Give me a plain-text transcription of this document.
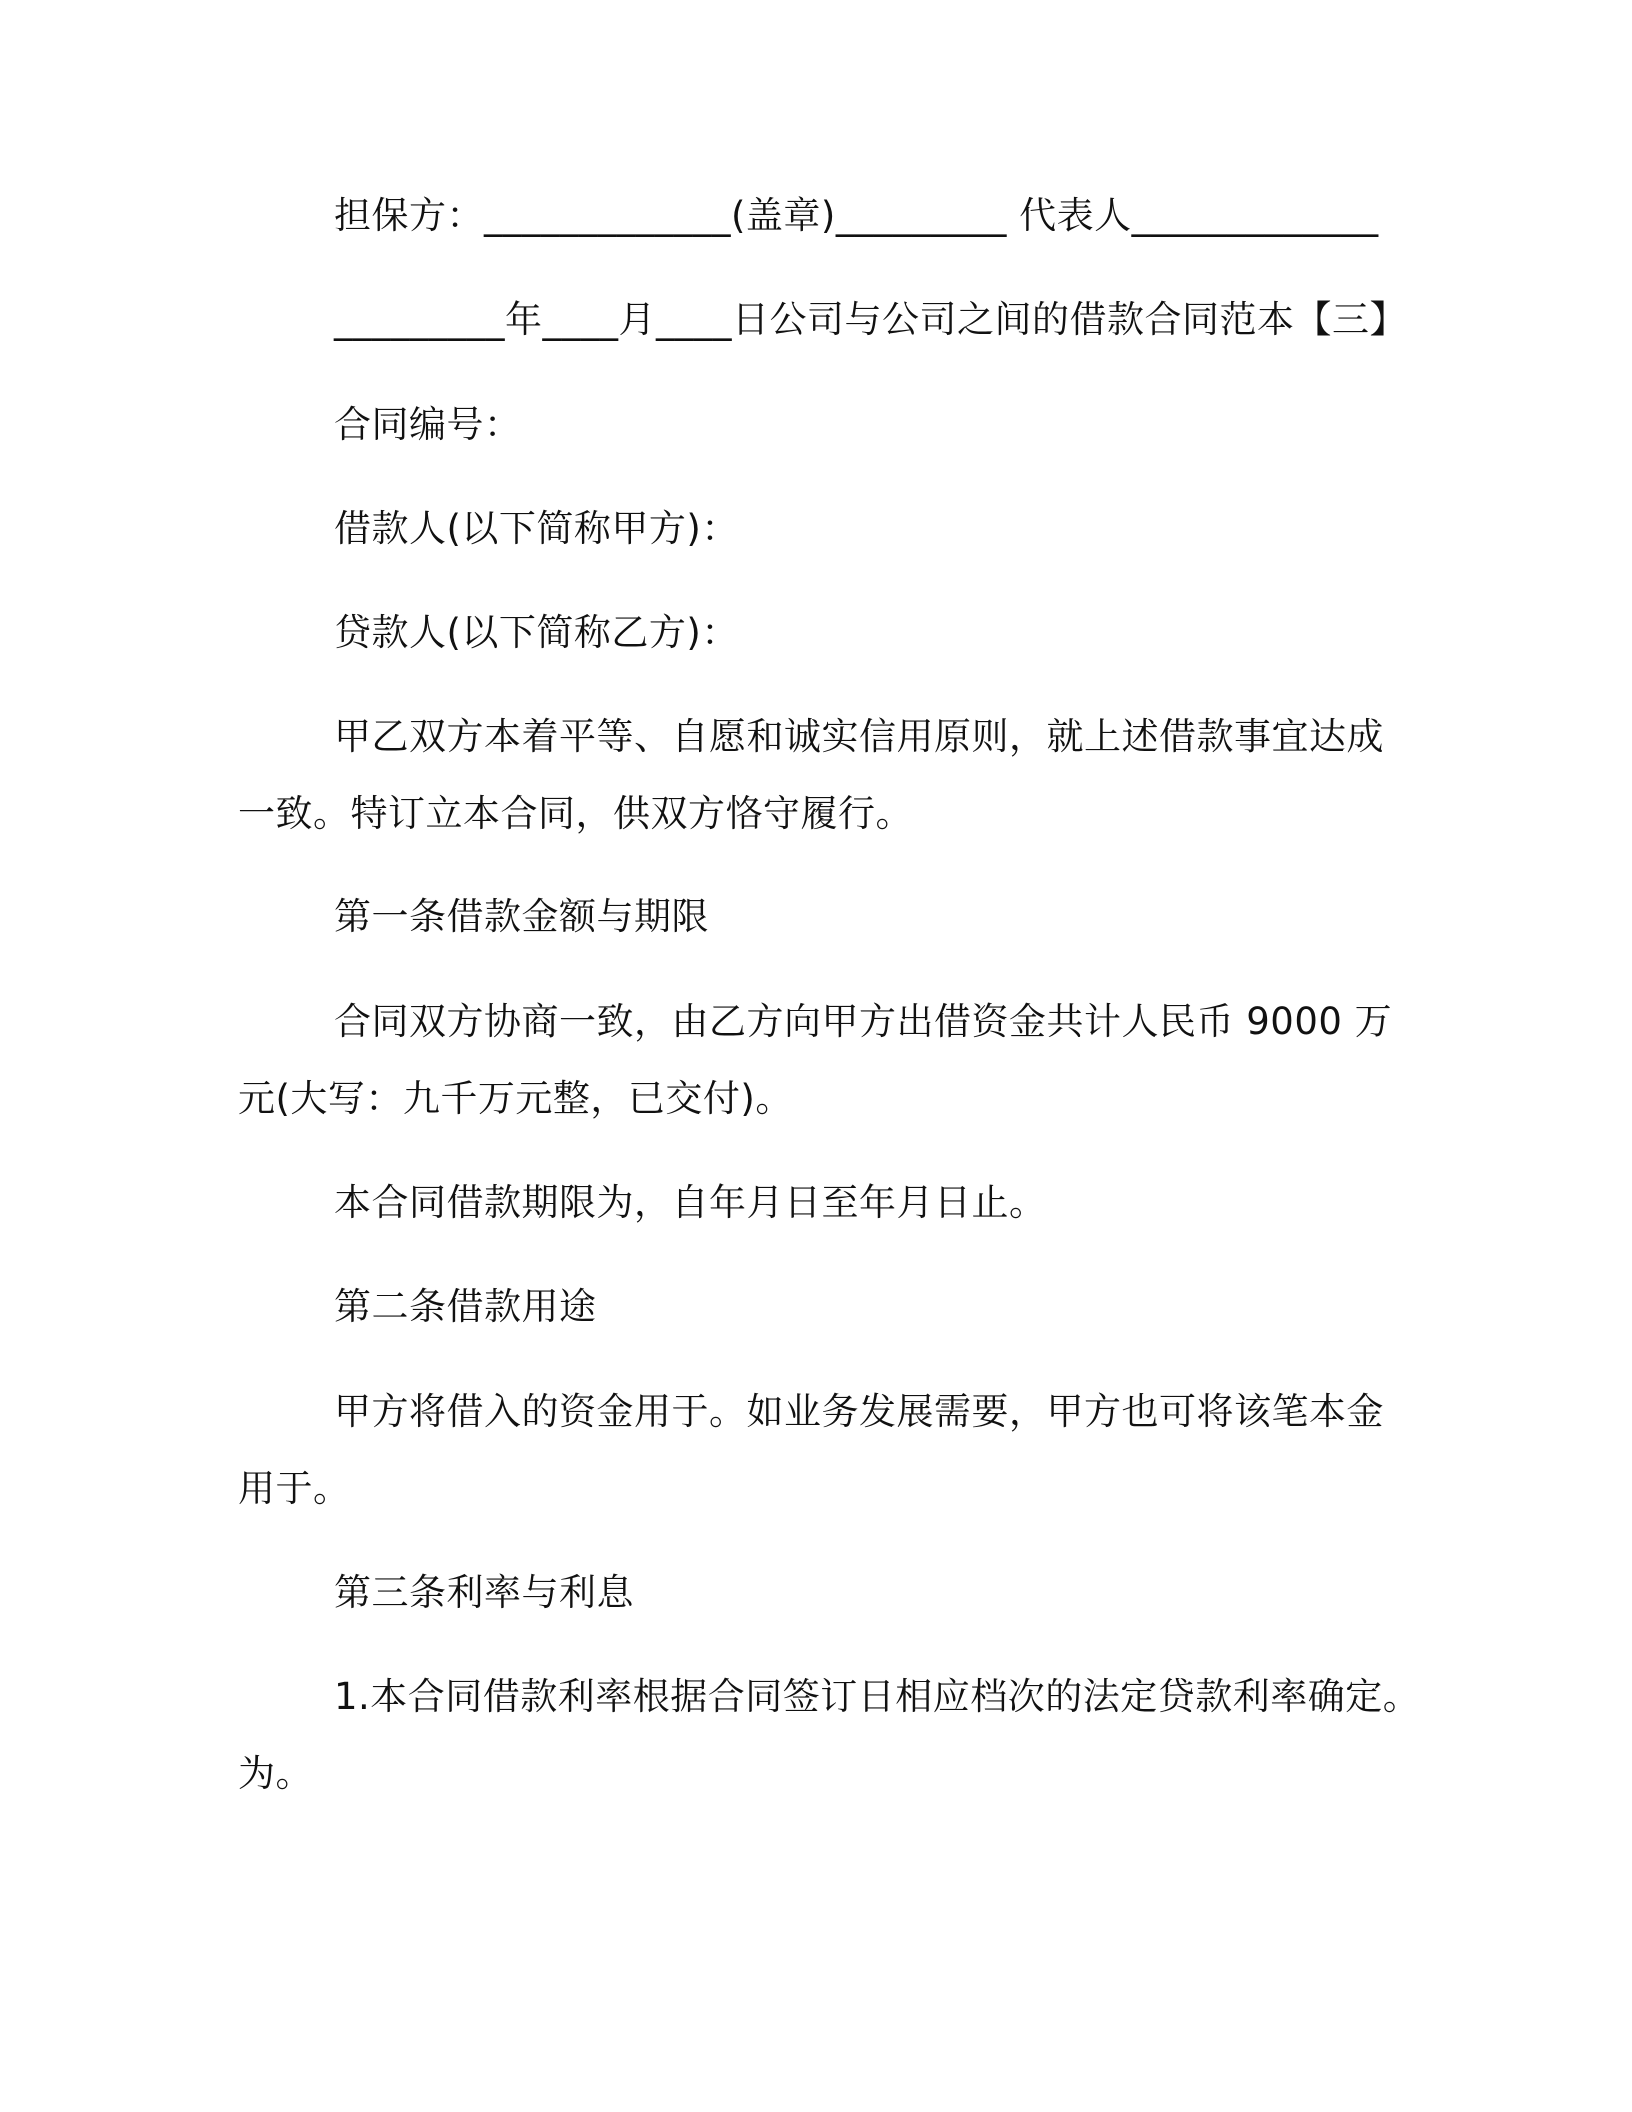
担保方：_____________(盖章)_________ 代表人_____________

_________年____月____日公司与公司之间的借款合同范本【三】

合同编号：

借款人(以下简称甲方)：

贷款人(以下简称乙方)：

甲乙双方本着平等、自愿和诚实信用原则，就上述借款事宜达成

一致。特订立本合同，供双方恪守履行。

第一条借款金额与期限

合同双方协商一致，由乙方向甲方出借资金共计人民币 9000 万

元(大写：九千万元整，已交付)。

本合同借款期限为，自年月日至年月日止。

第二条借款用途

甲方将借入的资金用于。如业务发展需要，甲方也可将该笔本金

用于。

第三条利率与利息

1.本合同借款利率根据合同签订日相应档次的法定贷款利率确定。

为。
